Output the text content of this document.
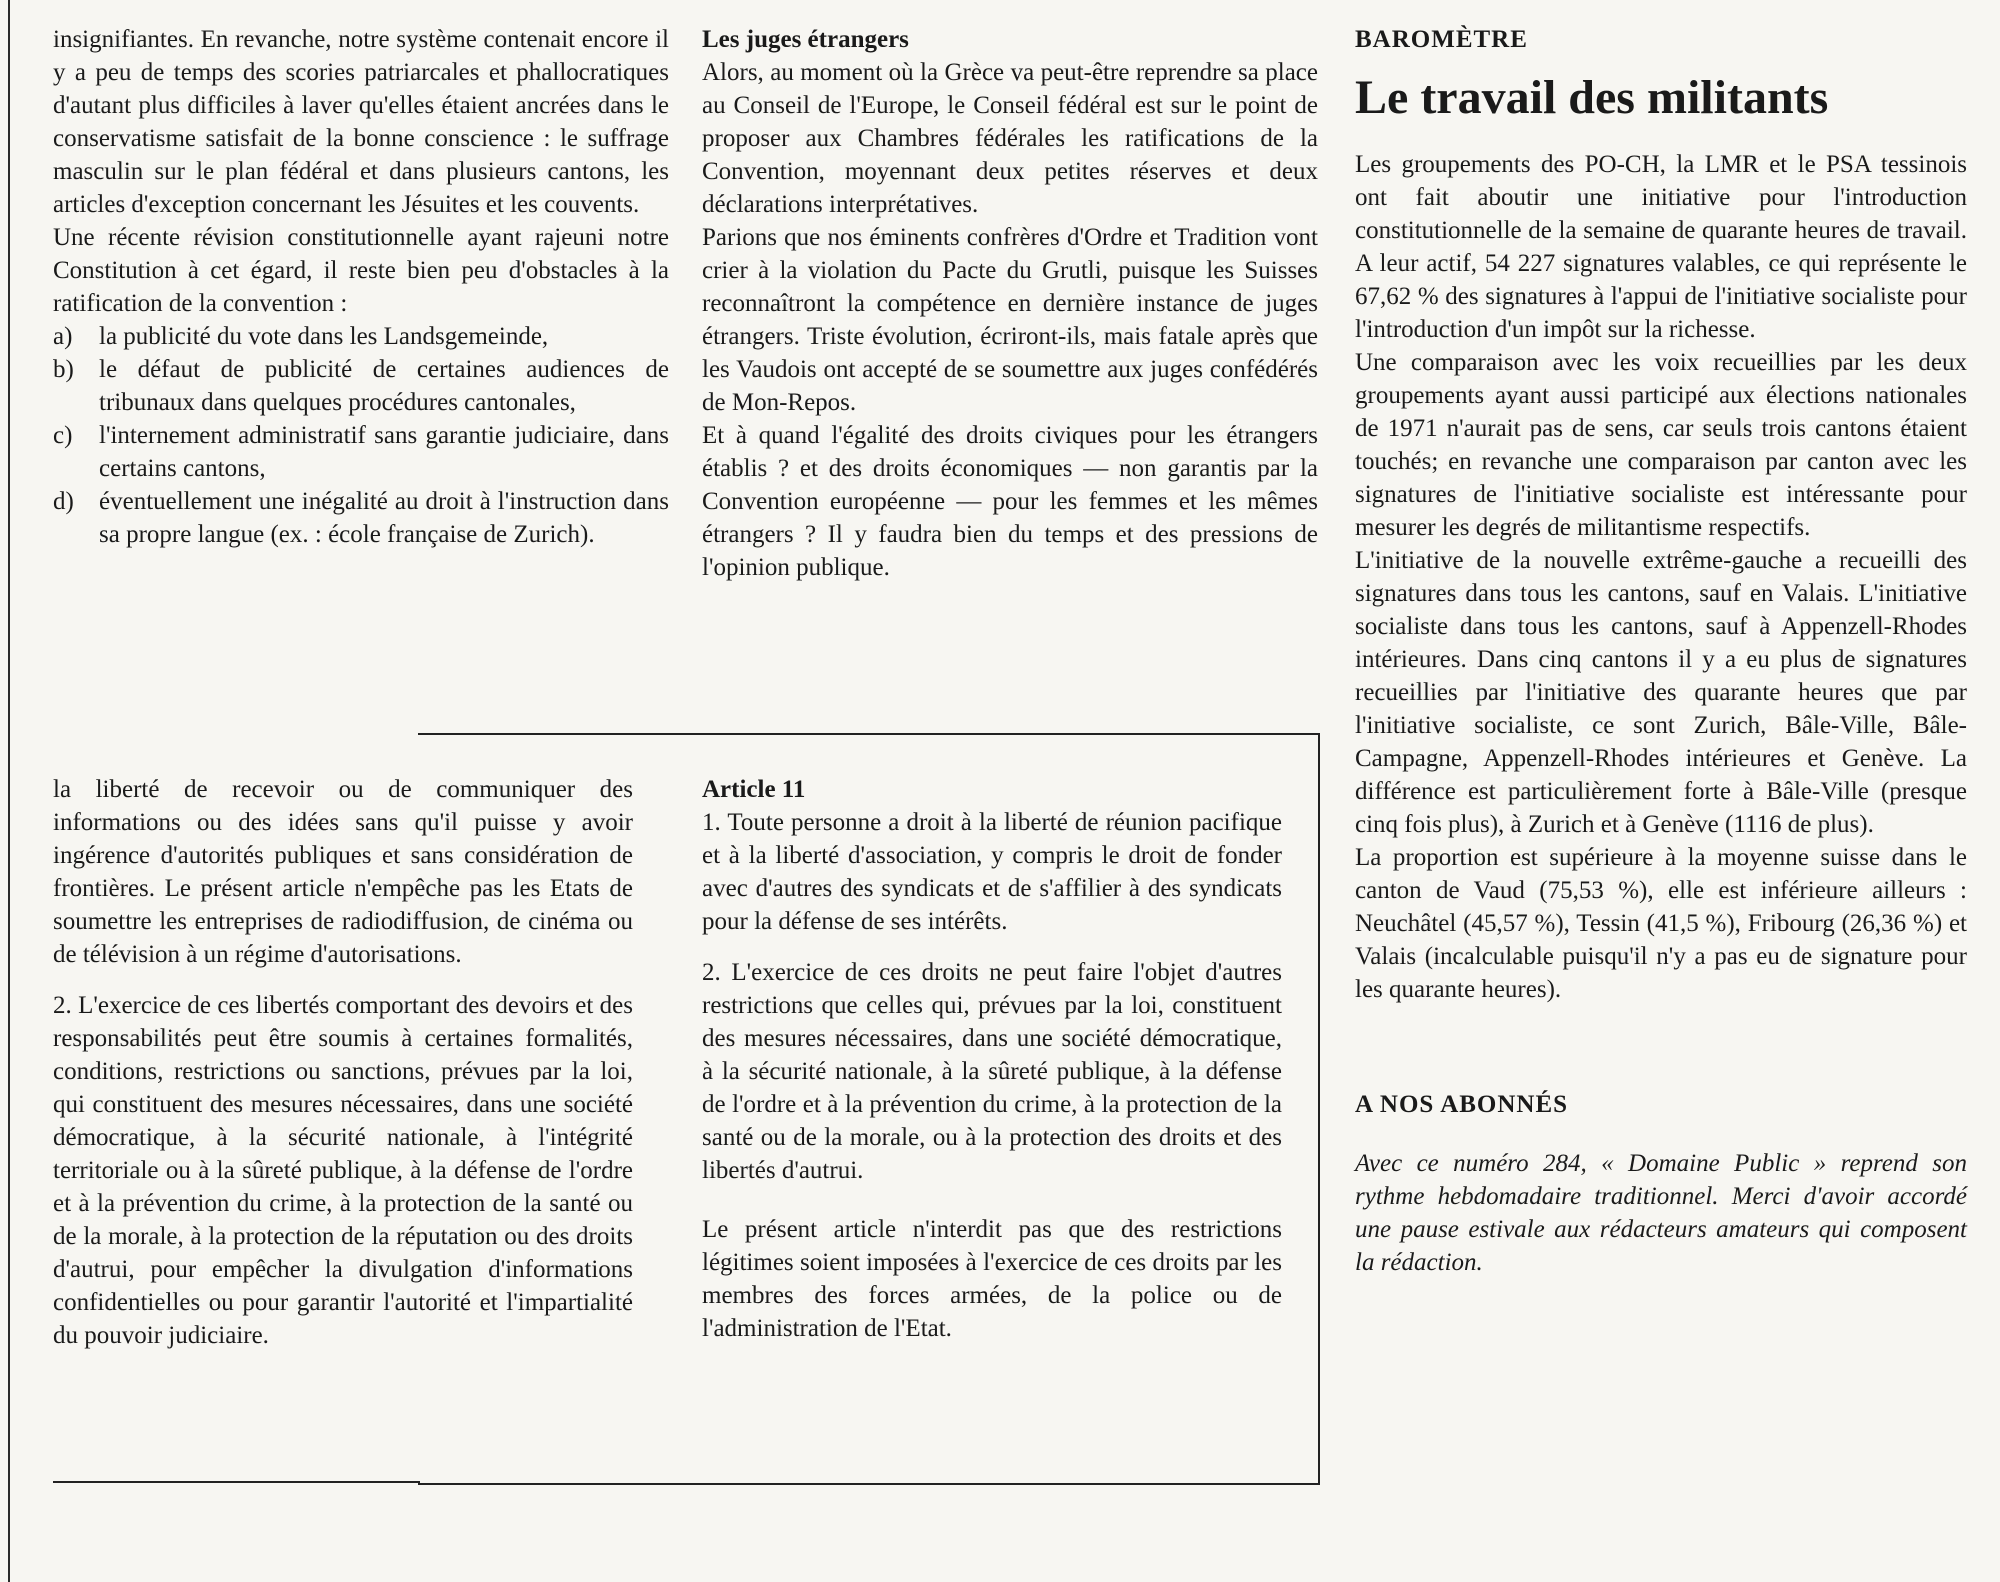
insignifiantes. En revanche, notre système contenait encore il y a peu de temps des scories patriarcales et phallocratiques d'autant plus difficiles à laver qu'elles étaient ancrées dans le conservatisme satisfait de la bonne conscience : le suffrage masculin sur le plan fédéral et dans plusieurs cantons, les articles d'exception concernant les Jésuites et les couvents.

Une récente révision constitutionnelle ayant rajeuni notre Constitution à cet égard, il reste bien peu d'obstacles à la ratification de la convention :

a) la publicité du vote dans les Landsgemeinde,
b) le défaut de publicité de certaines audiences de tribunaux dans quelques procédures cantonales,
c) l'internement administratif sans garantie judiciaire, dans certains cantons,
d) éventuellement une inégalité au droit à l'instruction dans sa propre langue (ex. : école française de Zurich).

Les juges étrangers

Alors, au moment où la Grèce va peut-être reprendre sa place au Conseil de l'Europe, le Conseil fédéral est sur le point de proposer aux Chambres fédérales les ratifications de la Convention, moyennant deux petites réserves et deux déclarations interprétatives.

Parions que nos éminents confrères d'Ordre et Tradition vont crier à la violation du Pacte du Grutli, puisque les Suisses reconnaîtront la compétence en dernière instance de juges étrangers. Triste évolution, écriront-ils, mais fatale après que les Vaudois ont accepté de se soumettre aux juges confédérés de Mon-Repos.

Et à quand l'égalité des droits civiques pour les étrangers établis ? et des droits économiques — non garantis par la Convention européenne — pour les femmes et les mêmes étrangers ? Il y faudra bien du temps et des pressions de l'opinion publique.

BAROMÈTRE

Le travail des militants

Les groupements des PO-CH, la LMR et le PSA tessinois ont fait aboutir une initiative pour l'introduction constitutionnelle de la semaine de quarante heures de travail. A leur actif, 54 227 signatures valables, ce qui représente le 67,62 % des signatures à l'appui de l'initiative socialiste pour l'introduction d'un impôt sur la richesse.

Une comparaison avec les voix recueillies par les deux groupements ayant aussi participé aux élections nationales de 1971 n'aurait pas de sens, car seuls trois cantons étaient touchés; en revanche une comparaison par canton avec les signatures de l'initiative socialiste est intéressante pour mesurer les degrés de militantisme respectifs.

L'initiative de la nouvelle extrême-gauche a recueilli des signatures dans tous les cantons, sauf en Valais. L'initiative socialiste dans tous les cantons, sauf à Appenzell-Rhodes intérieures. Dans cinq cantons il y a eu plus de signatures recueillies par l'initiative des quarante heures que par l'initiative socialiste, ce sont Zurich, Bâle-Ville, Bâle-Campagne, Appenzell-Rhodes intérieures et Genève. La différence est particulièrement forte à Bâle-Ville (presque cinq fois plus), à Zurich et à Genève (1116 de plus).

La proportion est supérieure à la moyenne suisse dans le canton de Vaud (75,53 %), elle est inférieure ailleurs : Neuchâtel (45,57 %), Tessin (41,5 %), Fribourg (26,36 %) et Valais (incalculable puisqu'il n'y a pas eu de signature pour les quarante heures).

A NOS ABONNÉS

Avec ce numéro 284, « Domaine Public » reprend son rythme hebdomadaire traditionnel. Merci d'avoir accordé une pause estivale aux rédacteurs amateurs qui composent la rédaction.

la liberté de recevoir ou de communiquer des informations ou des idées sans qu'il puisse y avoir ingérence d'autorités publiques et sans considération de frontières. Le présent article n'empêche pas les Etats de soumettre les entreprises de radiodiffusion, de cinéma ou de télévision à un régime d'autorisations.

2. L'exercice de ces libertés comportant des devoirs et des responsabilités peut être soumis à certaines formalités, conditions, restrictions ou sanctions, prévues par la loi, qui constituent des mesures nécessaires, dans une société démocratique, à la sécurité nationale, à l'intégrité territoriale ou à la sûreté publique, à la défense de l'ordre et à la prévention du crime, à la protection de la santé ou de la morale, à la protection de la réputation ou des droits d'autrui, pour empêcher la divulgation d'informations confidentielles ou pour garantir l'autorité et l'impartialité du pouvoir judiciaire.

Article 11

1. Toute personne a droit à la liberté de réunion pacifique et à la liberté d'association, y compris le droit de fonder avec d'autres des syndicats et de s'affilier à des syndicats pour la défense de ses intérêts.

2. L'exercice de ces droits ne peut faire l'objet d'autres restrictions que celles qui, prévues par la loi, constituent des mesures nécessaires, dans une société démocratique, à la sécurité nationale, à la sûreté publique, à la défense de l'ordre et à la prévention du crime, à la protection de la santé ou de la morale, ou à la protection des droits et des libertés d'autrui.

Le présent article n'interdit pas que des restrictions légitimes soient imposées à l'exercice de ces droits par les membres des forces armées, de la police ou de l'administration de l'Etat.
